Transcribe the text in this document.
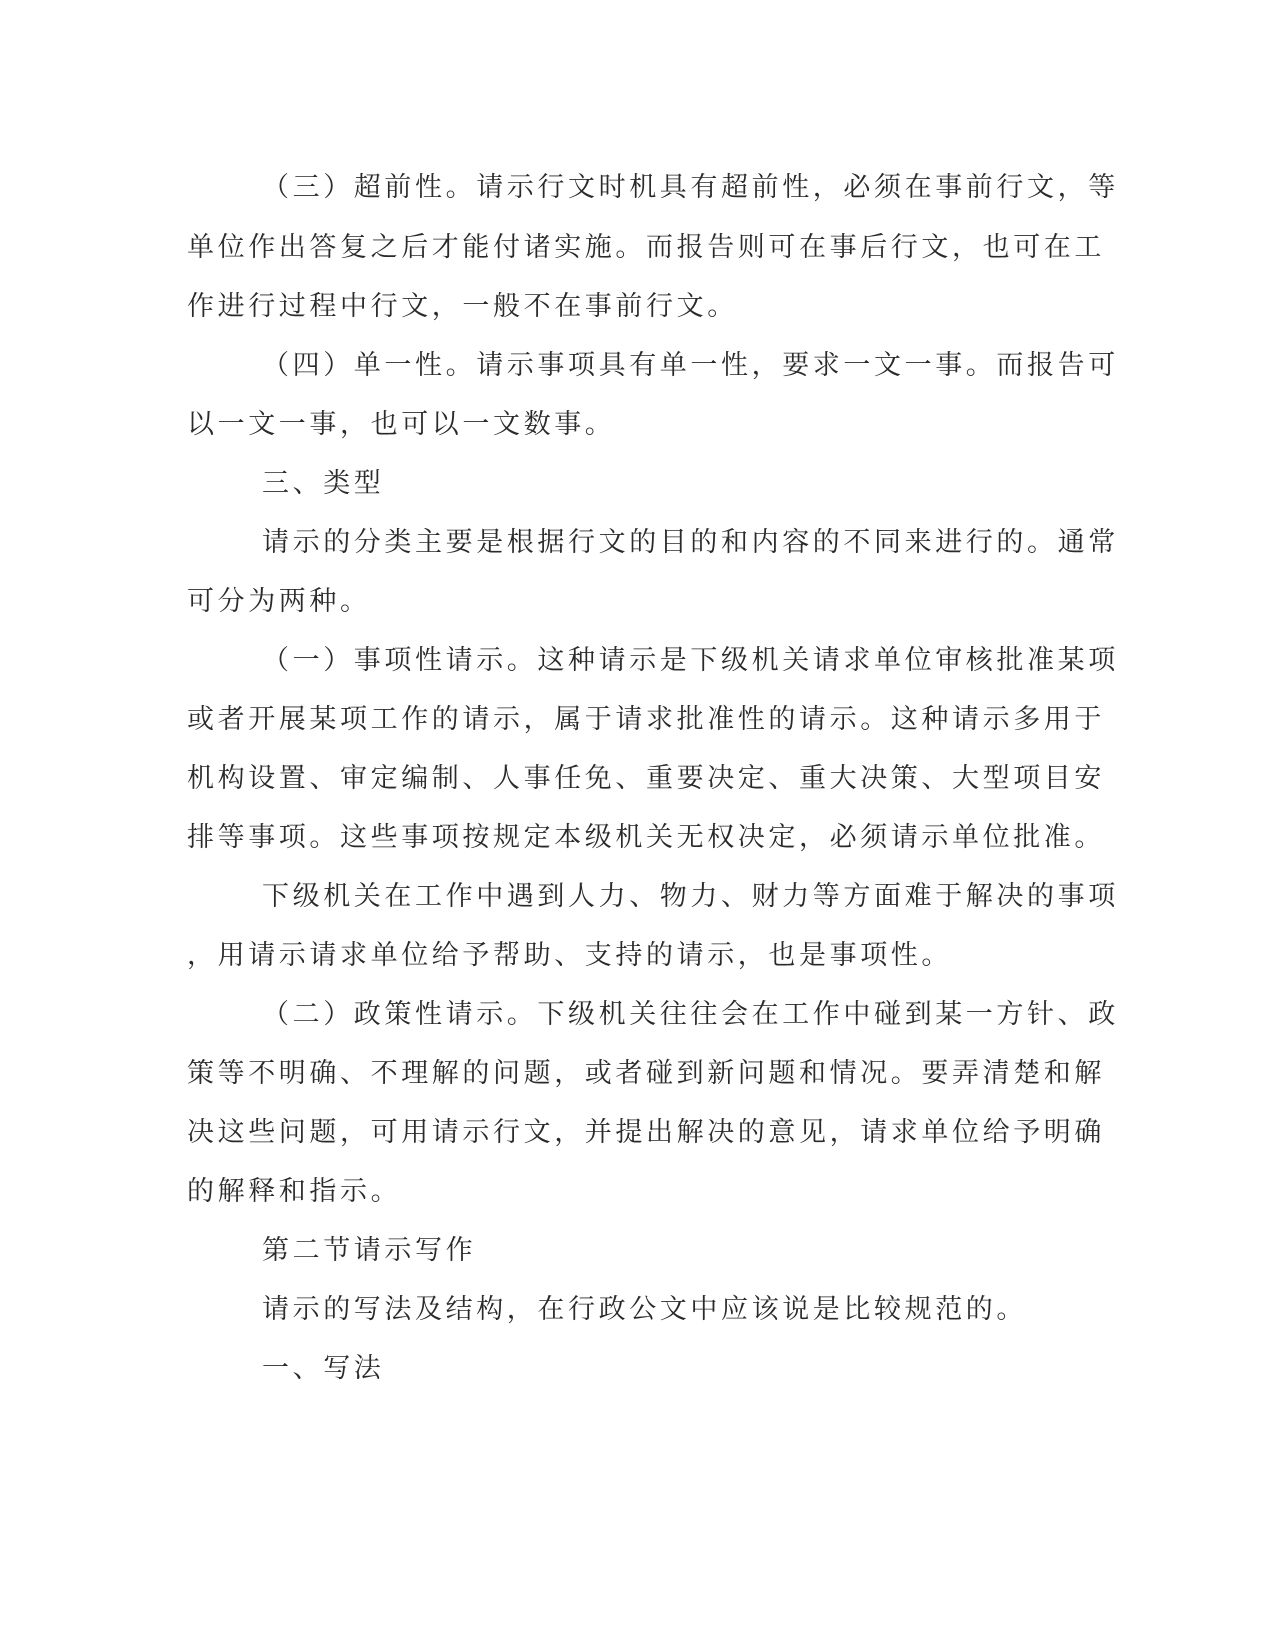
（三）超前性。请示行文时机具有超前性，必须在事前行文，等
单位作出答复之后才能付诸实施。而报告则可在事后行文，也可在工
作进行过程中行文，一般不在事前行文。
（四）单一性。请示事项具有单一性，要求一文一事。而报告可
以一文一事，也可以一文数事。
三、类型
请示的分类主要是根据行文的目的和内容的不同来进行的。通常
可分为两种。
（一）事项性请示。这种请示是下级机关请求单位审核批准某项
或者开展某项工作的请示，属于请求批准性的请示。这种请示多用于
机构设置、审定编制、人事任免、重要决定、重大决策、大型项目安
排等事项。这些事项按规定本级机关无权决定，必须请示单位批准。
下级机关在工作中遇到人力、物力、财力等方面难于解决的事项
，用请示请求单位给予帮助、支持的请示，也是事项性。
（二）政策性请示。下级机关往往会在工作中碰到某一方针、政
策等不明确、不理解的问题，或者碰到新问题和情况。要弄清楚和解
决这些问题，可用请示行文，并提出解决的意见，请求单位给予明确
的解释和指示。
第二节请示写作
请示的写法及结构，在行政公文中应该说是比较规范的。
一、写法
